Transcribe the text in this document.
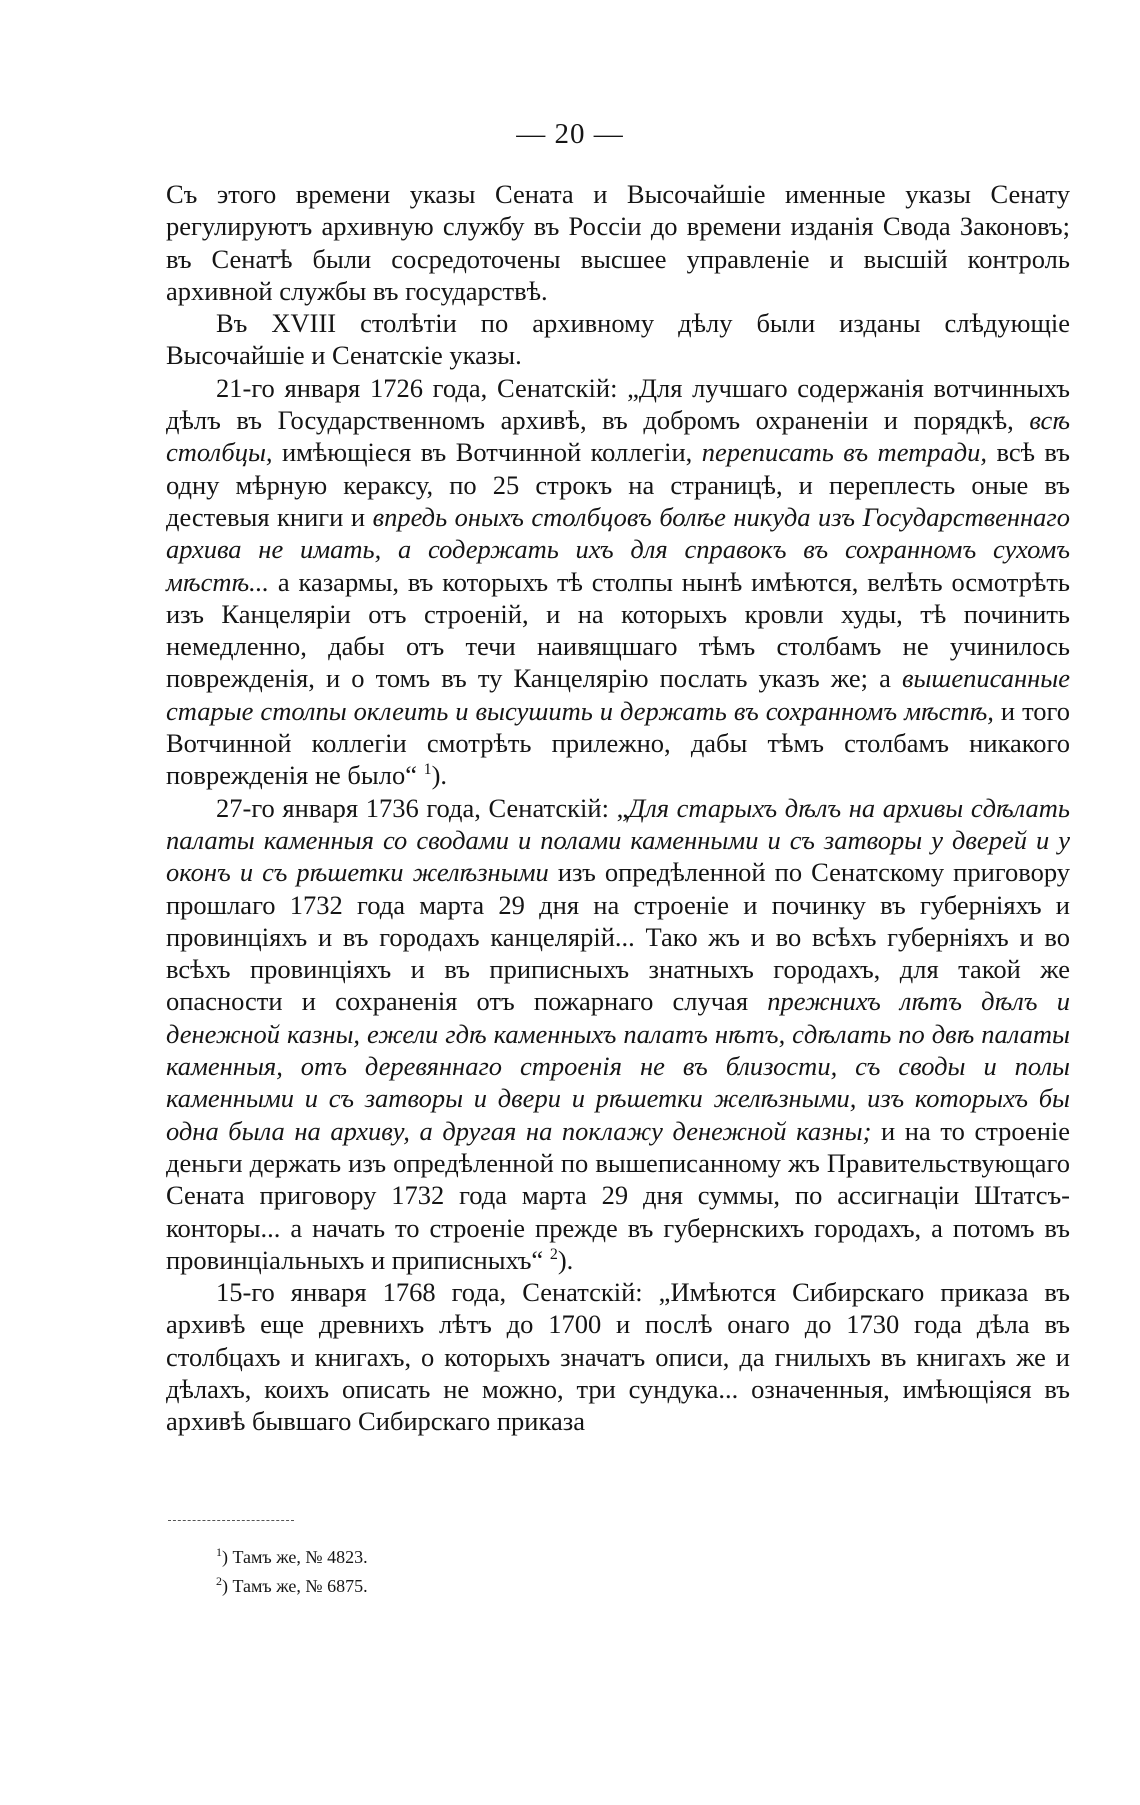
— 20 —

Съ этого времени указы Сената и Высочайшіе именные указы Сенату регулируютъ архивную службу въ Россіи до времени изданія Свода Законовъ; въ Сенатѣ были сосредоточены высшее управленіе и высшій контроль архивной службы въ государствѣ.

Въ XVIII столѣтіи по архивному дѣлу были изданы слѣдующіе Высочайшіе и Сенатскіе указы.

21-го января 1726 года, Сенатскій: „Для лучшаго содержанія вотчинныхъ дѣлъ въ Государственномъ архивѣ, въ добромъ охраненіи и порядкѣ, всѣ столбцы, имѣющіеся въ Вотчинной коллегіи, переписать въ тетради, всѣ въ одну мѣрную кераксу, по 25 строкъ на страницѣ, и переплесть оные въ дестевыя книги и впредь оныхъ столбцовъ болѣе никуда изъ Государственнаго архива не имать, а содержать ихъ для справокъ въ сохранномъ сухомъ мѣстѣ... а казармы, въ которыхъ тѣ столпы нынѣ имѣются, велѣть осмотрѣть изъ Канцеляріи отъ строеній, и на которыхъ кровли худы, тѣ починить немедленно, дабы отъ течи наивящшаго тѣмъ столбамъ не учинилось поврежденія, и о томъ въ ту Канцелярію послать указъ же; а вышеписанные старые столпы оклеить и высушить и держать въ сохранномъ мѣстѣ, и того Вотчинной коллегіи смотрѣть прилежно, дабы тѣмъ столбамъ никакого поврежденія не было“ $^1$).

27-го января 1736 года, Сенатскій: „Для старыхъ дѣлъ на архивы сдѣлать палаты каменныя со сводами и полами каменными и съ затворы у дверей и у оконъ и съ рѣшетки желѣзными изъ опредѣленной по Сенатскому приговору прошлаго 1732 года марта 29 дня на строеніе и починку въ губерніяхъ и провинціяхъ и въ городахъ канцелярій... Тако жъ и во всѣхъ губерніяхъ и во всѣхъ провинціяхъ и въ приписныхъ знатныхъ городахъ, для такой же опасности и сохраненія отъ пожарнаго случая прежнихъ лѣтъ дѣлъ и денежной казны, ежели гдѣ каменныхъ палатъ нѣтъ, сдѣлать по двѣ палаты каменныя, отъ деревяннаго строенія не въ близости, съ своды и полы каменными и съ затворы и двери и рѣшетки желѣзными, изъ которыхъ бы одна была на архиву, а другая на поклажу денежной казны; и на то строеніе деньги держать изъ опредѣленной по вышеписанному жъ Правительствующаго Сената приговору 1732 года марта 29 дня суммы, по ассигнаціи Штатсъ-конторы... а начать то строеніе прежде въ губернскихъ городахъ, а потомъ въ провинціальныхъ и приписныхъ“ $^2$).

15-го января 1768 года, Сенатскій: „Имѣются Сибирскаго приказа въ архивѣ еще древнихъ лѣтъ до 1700 и послѣ онаго до 1730 года дѣла въ столбцахъ и книгахъ, о которыхъ значатъ описи, да гнилыхъ въ книгахъ же и дѣлахъ, коихъ описать не можно, три сундука... означенныя, имѣющіяся въ архивѣ бывшаго Сибирскаго приказа

$^1$) Тамъ же, № 4823.
$^2$) Тамъ же, № 6875.
